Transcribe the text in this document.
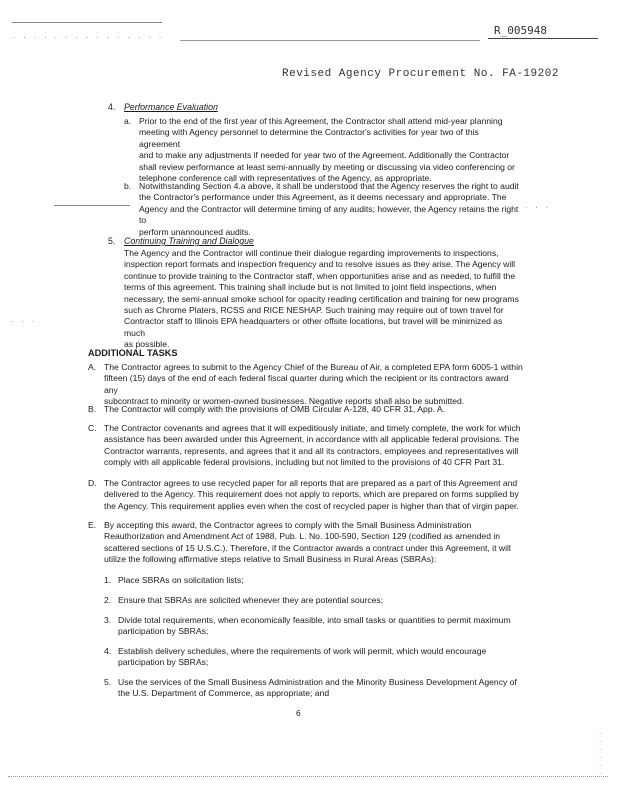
· · · · · · · · · · · · · · ·
R_005948
Revised Agency Procurement No. FA-19202
4. Performance Evaluation
a. Prior to the end of the first year of this Agreement, the Contractor shall attend mid-year planning
meeting with Agency personnel to determine the Contractor's activities for year two of this agreement
and to make any adjustments if needed for year two of the Agreement. Additionally the Contractor
shall review performance at least semi-annually by meeting or discussing via video conferencing or
telephone conference call with representatives of the Agency, as appropriate.
b. Notwithstanding Section 4.a above, it shall be understood that the Agency reserves the right to audit
the Contractor's performance under this Agreement, as it deems necessary and appropriate. The
Agency and the Contractor will determine timing of any audits; however, the Agency retains the right to
perform unannounced audits.
· · ·
5. Continuing Training and Dialogue
The Agency and the Contractor will continue their dialogue regarding improvements to inspections,
inspection report formats and inspection frequency and to resolve issues as they arise. The Agency will
continue to provide training to the Contractor staff, when opportunities arise and as needed, to fulfill the
terms of this agreement. This training shall include but is not limited to joint field inspections, when
necessary, the semi-annual smoke school for opacity reading certification and training for new programs
such as Chrome Platers, RCSS and RICE NESHAP. Such training may require out of town travel for
Contractor staff to Illinois EPA headquarters or other offsite locations, but travel will be minimized as much
as possible.
· · ·
ADDITIONAL TASKS
A. The Contractor agrees to submit to the Agency Chief of the Bureau of Air, a completed EPA form 6005-1 within
fifteen (15) days of the end of each federal fiscal quarter during which the recipient or its contractors award any
subcontract to minority or women-owned businesses. Negative reports shall also be submitted.
B. The Contractor will comply with the provisions of OMB Circular A-128, 40 CFR 31, App. A.
C. The Contractor covenants and agrees that it will expeditiously initiate, and timely complete, the work for which
assistance has been awarded under this Agreement, in accordance with all applicable federal provisions. The
Contractor warrants, represents, and agrees that it and all its contractors, employees and representatives will
comply with all applicable federal provisions, including but not limited to the provisions of 40 CFR Part 31.
D. The Contractor agrees to use recycled paper for all reports that are prepared as a part of this Agreement and
delivered to the Agency. This requirement does not apply to reports, which are prepared on forms supplied by
the Agency. This requirement applies even when the cost of recycled paper is higher than that of virgin paper.
E. By accepting this award, the Contractor agrees to comply with the Small Business Administration
Reauthorization and Amendment Act of 1988, Pub. L. No. 100-590, Section 129 (codified as amended in
scattered sections of 15 U.S.C.). Therefore, if the Contractor awards a contract under this Agreement, it will
utilize the following affirmative steps relative to Small Business in Rural Areas (SBRAs):
1. Place SBRAs on solicitation lists;
2. Ensure that SBRAs are solicited whenever they are potential sources;
3. Divide total requirements, when economically feasible, into small tasks or quantities to permit maximum
participation by SBRAs;
4. Establish delivery schedules, where the requirements of work will permit, which would encourage
participation by SBRAs;
5. Use the services of the Small Business Administration and the Minority Business Development Agency of
the U.S. Department of Commerce, as appropriate; and
6
·
·
·
·
·
·
